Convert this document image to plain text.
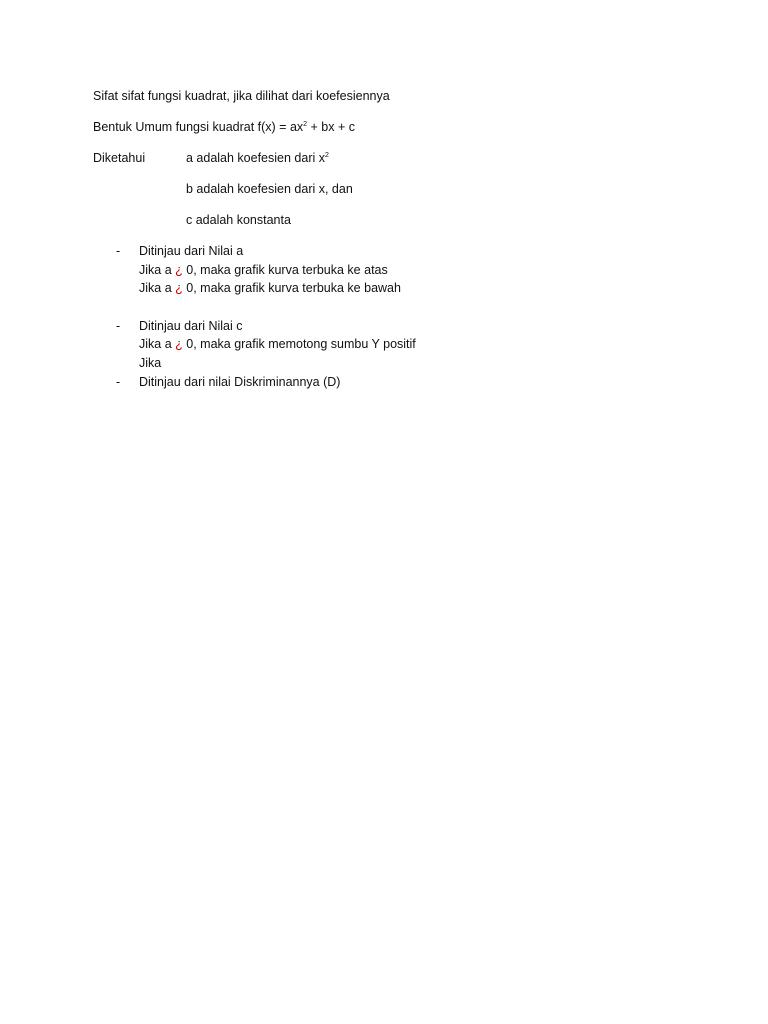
Sifat sifat fungsi kuadrat, jika dilihat dari koefesiennya
Bentuk Umum fungsi kuadrat $f(x) = ax^2$ + bx + c
Diketahui	a adalah koefesien dari $x^2$
b adalah koefesien dari x, dan
c adalah konstanta
- Ditinjau dari Nilai a
Jika a ¿ 0, maka grafik kurva terbuka ke atas
Jika a ¿ 0, maka grafik kurva terbuka ke bawah
- Ditinjau dari Nilai c
Jika a ¿ 0, maka grafik memotong sumbu Y positif
Jika
- Ditinjau dari nilai Diskriminannya (D)
